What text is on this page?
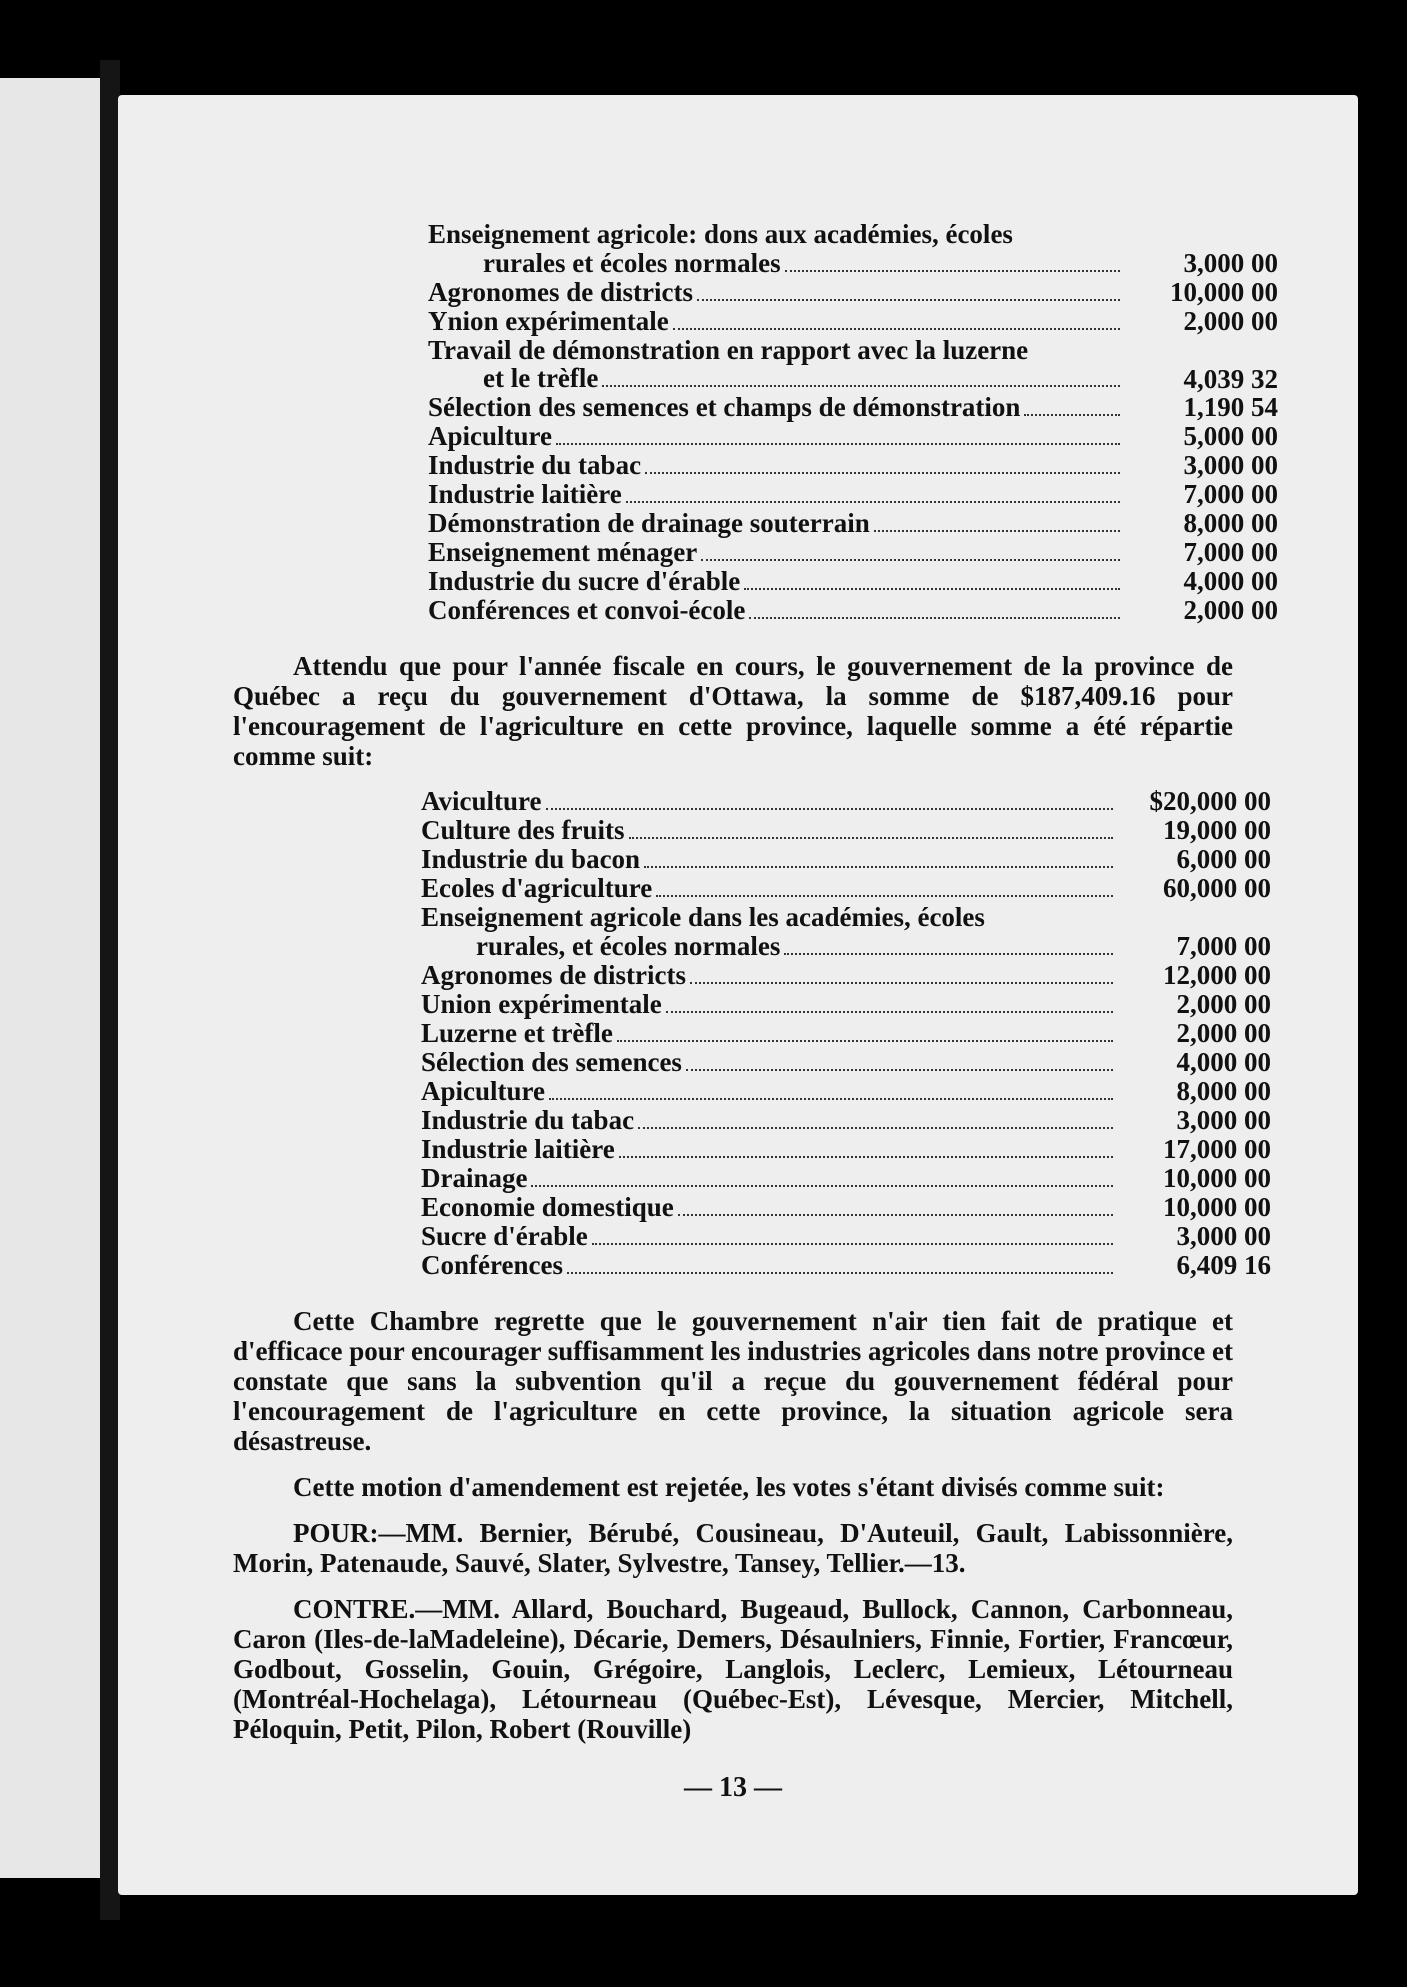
Enseignement agricole: dons aux académies, écoles
rurales et écoles normales	3,000 00
Agronomes de districts	10,000 00
Ynion expérimentale	2,000 00
Travail de démonstration en rapport avec la luzerne
et le trèfle	4,039 32
Sélection des semences et champs de démonstration	1,190 54
Apiculture	5,000 00
Industrie du tabac	3,000 00
Industrie laitière	7,000 00
Démonstration de drainage souterrain	8,000 00
Enseignement ménager	7,000 00
Industrie du sucre d'érable	4,000 00
Conférences et convoi-école	2,000 00

Attendu que pour l'année fiscale en cours, le gouvernement de la province de Québec a reçu du gouvernement d'Ottawa, la somme de $187,409.16 pour l'encouragement de l'agriculture en cette province, laquelle somme a été répartie comme suit:

Aviculture	$20,000 00
Culture des fruits	19,000 00
Industrie du bacon	6,000 00
Ecoles d'agriculture	60,000 00
Enseignement agricole dans les académies, écoles
rurales, et écoles normales	7,000 00
Agronomes de districts	12,000 00
Union expérimentale	2,000 00
Luzerne et trèfle	2,000 00
Sélection des semences	4,000 00
Apiculture	8,000 00
Industrie du tabac	3,000 00
Industrie laitière	17,000 00
Drainage	10,000 00
Economie domestique	10,000 00
Sucre d'érable	3,000 00
Conférences	6,409 16

Cette Chambre regrette que le gouvernement n'air tien fait de pratique et d'efficace pour encourager suffisamment les industries agricoles dans notre province et constate que sans la subvention qu'il a reçue du gouvernement fédéral pour l'encouragement de l'agriculture en cette province, la situation agricole sera désastreuse.

Cette motion d'amendement est rejetée, les votes s'étant divisés comme suit:

POUR:—MM. Bernier, Bérubé, Cousineau, D'Auteuil, Gault, Labissonnière, Morin, Patenaude, Sauvé, Slater, Sylvestre, Tansey, Tellier.—13.

CONTRE.—MM. Allard, Bouchard, Bugeaud, Bullock, Cannon, Carbonneau, Caron (Iles-de-laMadeleine), Décarie, Demers, Désaulniers, Finnie, Fortier, Francœur, Godbout, Gosselin, Gouin, Grégoire, Langlois, Leclerc, Lemieux, Létourneau (Montréal-Hochelaga), Létourneau (Québec-Est), Lévesque, Mercier, Mitchell, Péloquin, Petit, Pilon, Robert (Rouville)

— 13 —
